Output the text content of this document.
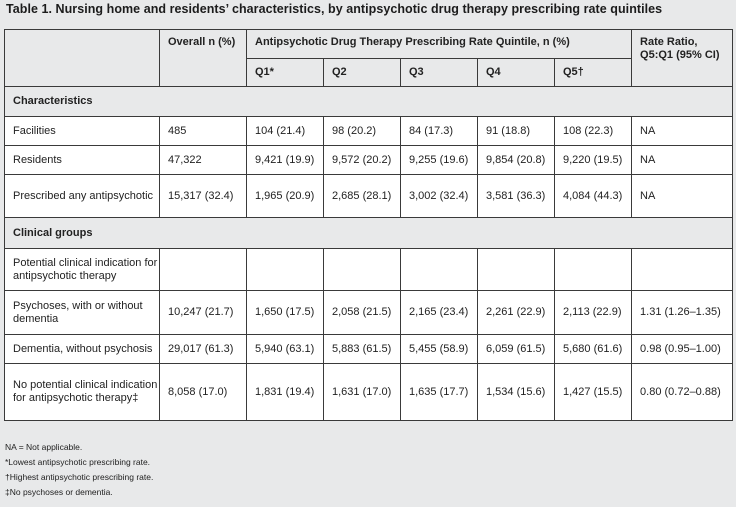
Table 1. Nursing home and residents’ characteristics, by antipsychotic drug therapy prescribing rate quintiles
	Overall n (%)	Antipsychotic Drug Therapy Prescribing Rate Quintile, n (%)					Rate Ratio, Q5:Q1 (95% CI)
		Q1*	Q2	Q3	Q4	Q5†	
Characteristics							
Facilities	485	104 (21.4)	98 (20.2)	84 (17.3)	91 (18.8)	108 (22.3)	NA
Residents	47,322	9,421 (19.9)	9,572 (20.2)	9,255 (19.6)	9,854 (20.8)	9,220 (19.5)	NA
Prescribed any antipsychotic	15,317 (32.4)	1,965 (20.9)	2,685 (28.1)	3,002 (32.4)	3,581 (36.3)	4,084 (44.3)	NA
Clinical groups							
Potential clinical indication for antipsychotic therapy							
Psychoses, with or without dementia	10,247 (21.7)	1,650 (17.5)	2,058 (21.5)	2,165 (23.4)	2,261 (22.9)	2,113 (22.9)	1.31 (1.26–1.35)
Dementia, without psychosis	29,017 (61.3)	5,940 (63.1)	5,883 (61.5)	5,455 (58.9)	6,059 (61.5)	5,680 (61.6)	0.98 (0.95–1.00)
No potential clinical indication for antipsychotic therapy‡	8,058 (17.0)	1,831 (19.4)	1,631 (17.0)	1,635 (17.7)	1,534 (15.6)	1,427 (15.5)	0.80 (0.72–0.88)
NA = Not applicable.
*Lowest antipsychotic prescribing rate.
†Highest antipsychotic prescribing rate.
‡No psychoses or dementia.
